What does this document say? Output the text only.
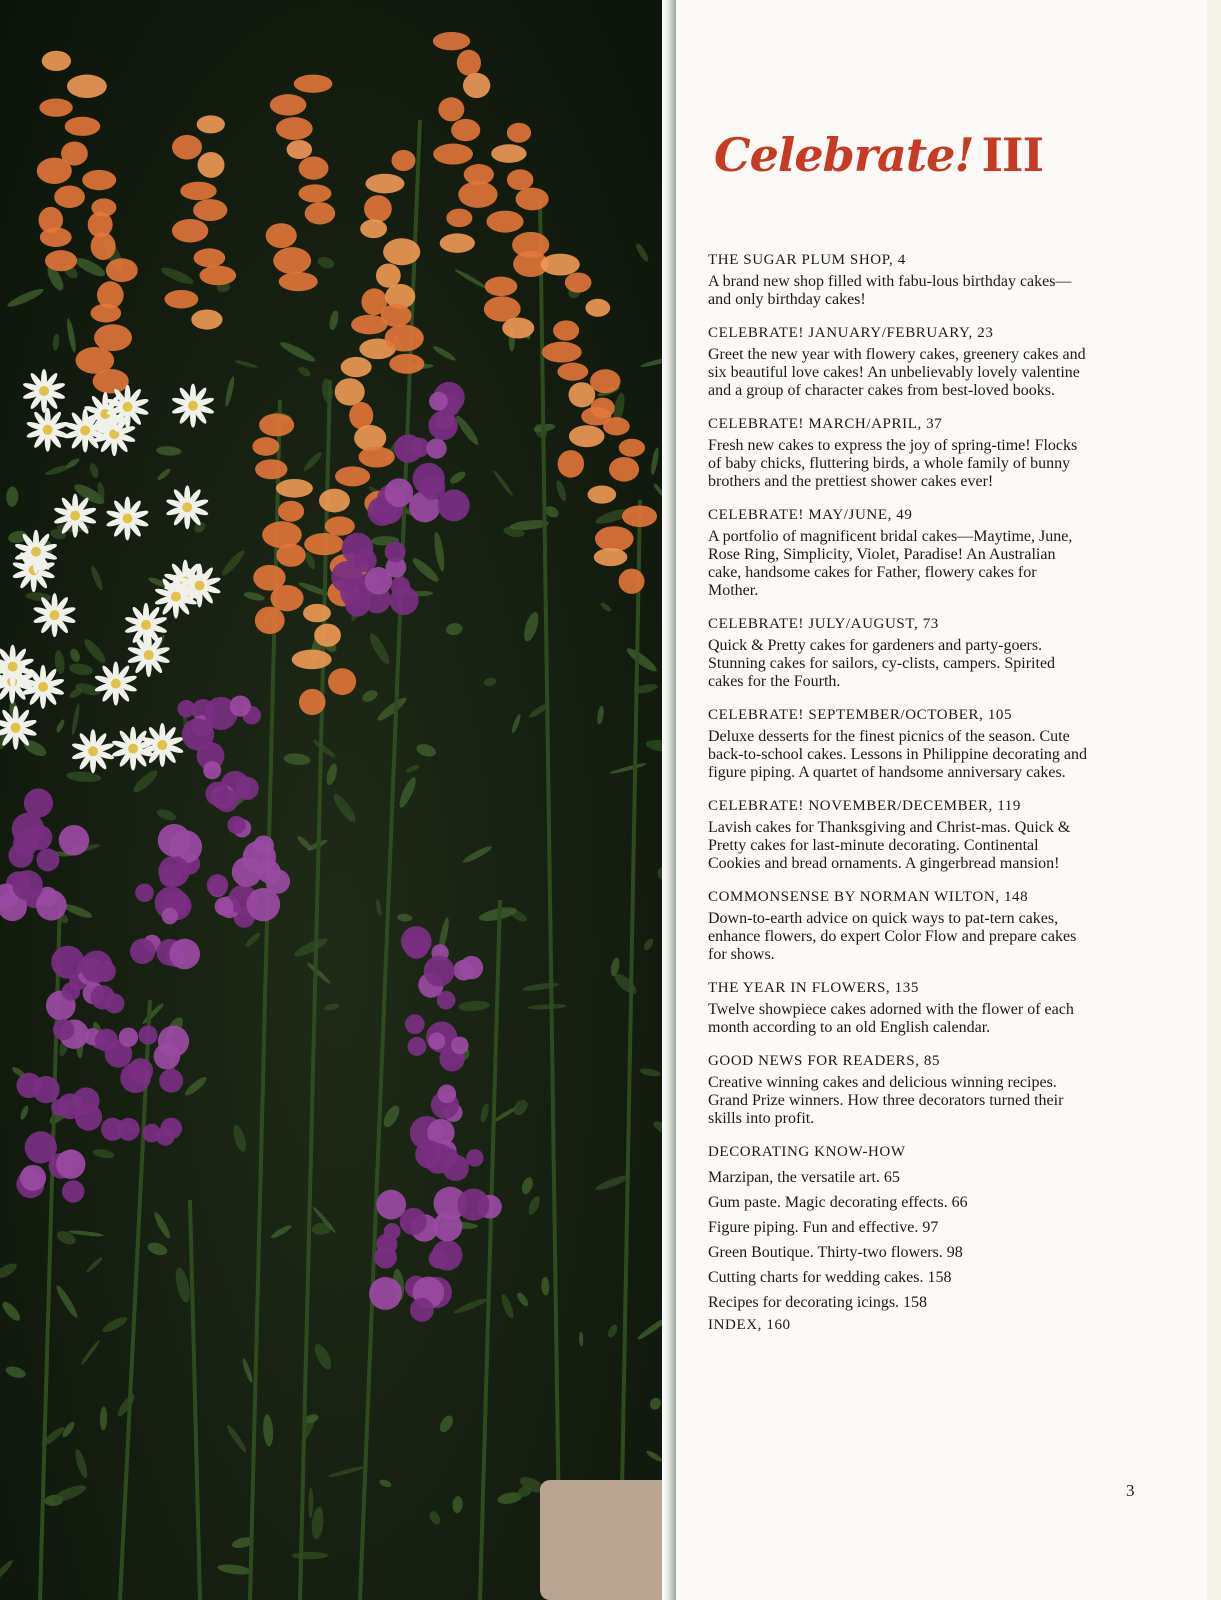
Celebrate! III
THE SUGAR PLUM SHOP, 4

A brand new shop filled with fabu-lous birthday cakes—and only birthday cakes!

CELEBRATE! JANUARY/FEBRUARY, 23

Greet the new year with flowery cakes, greenery cakes and six beautiful love cakes! An unbelievably lovely valentine and a group of character cakes from best-loved books.

CELEBRATE! MARCH/APRIL, 37

Fresh new cakes to express the joy of spring-time! Flocks of baby chicks, fluttering birds, a whole family of bunny brothers and the prettiest shower cakes ever!

CELEBRATE! MAY/JUNE, 49

A portfolio of magnificent bridal cakes—Maytime, June, Rose Ring, Simplicity, Violet, Paradise! An Australian cake, handsome cakes for Father, flowery cakes for Mother.

CELEBRATE! JULY/AUGUST, 73

Quick & Pretty cakes for gardeners and party-goers. Stunning cakes for sailors, cy-clists, campers. Spirited cakes for the Fourth.

CELEBRATE! SEPTEMBER/OCTOBER, 105

Deluxe desserts for the finest picnics of the season. Cute back-to-school cakes. Lessons in Philippine decorating and figure piping. A quartet of handsome anniversary cakes.

CELEBRATE! NOVEMBER/DECEMBER, 119

Lavish cakes for Thanksgiving and Christ-mas. Quick & Pretty cakes for last-minute decorating. Continental Cookies and bread ornaments. A gingerbread mansion!

COMMONSENSE BY NORMAN WILTON, 148

Down-to-earth advice on quick ways to pat-tern cakes, enhance flowers, do expert Color Flow and prepare cakes for shows.

THE YEAR IN FLOWERS, 135

Twelve showpiece cakes adorned with the flower of each month according to an old English calendar.

GOOD NEWS FOR READERS, 85

Creative winning cakes and delicious winning recipes. Grand Prize winners. How three decorators turned their skills into profit.

DECORATING KNOW-HOW
Marzipan, the versatile art. 65
Gum paste. Magic decorating effects. 66
Figure piping. Fun and effective. 97
Green Boutique. Thirty-two flowers. 98
Cutting charts for wedding cakes. 158
Recipes for decorating icings. 158
INDEX, 160

3
